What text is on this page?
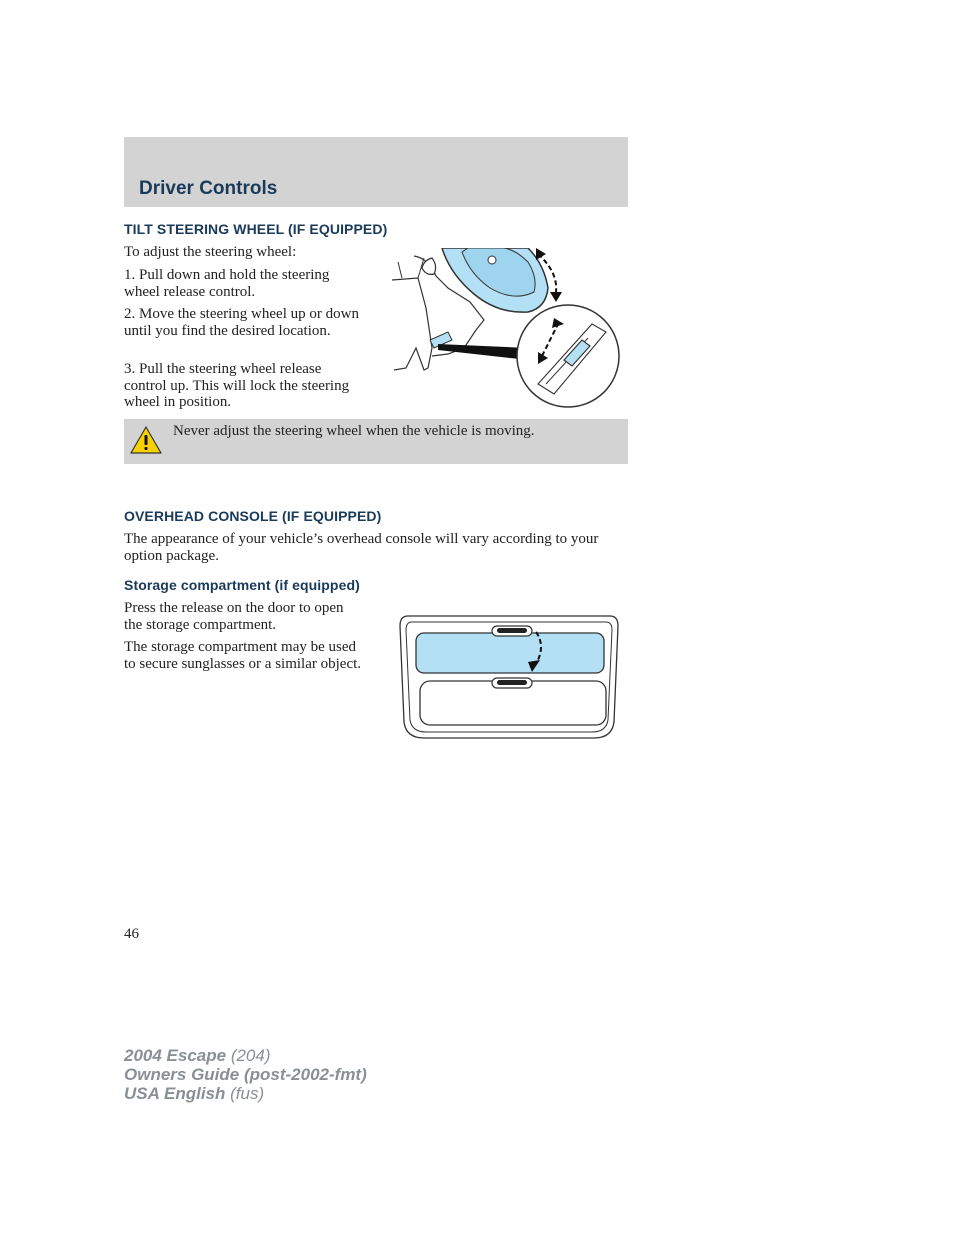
Driver Controls
TILT STEERING WHEEL (IF EQUIPPED)

To adjust the steering wheel:

1. Pull down and hold the steering wheel release control.

2. Move the steering wheel up or down until you find the desired location.

3. Pull the steering wheel release control up. This will lock the steering wheel in position.

Never adjust the steering wheel when the vehicle is moving.

OVERHEAD CONSOLE (IF EQUIPPED)

The appearance of your vehicle’s overhead console will vary according to your option package.

Storage compartment (if equipped)

Press the release on the door to open the storage compartment.

The storage compartment may be used to secure sunglasses or a similar object.

46

2004 Escape (204)
Owners Guide (post-2002-fmt)
USA English (fus)
